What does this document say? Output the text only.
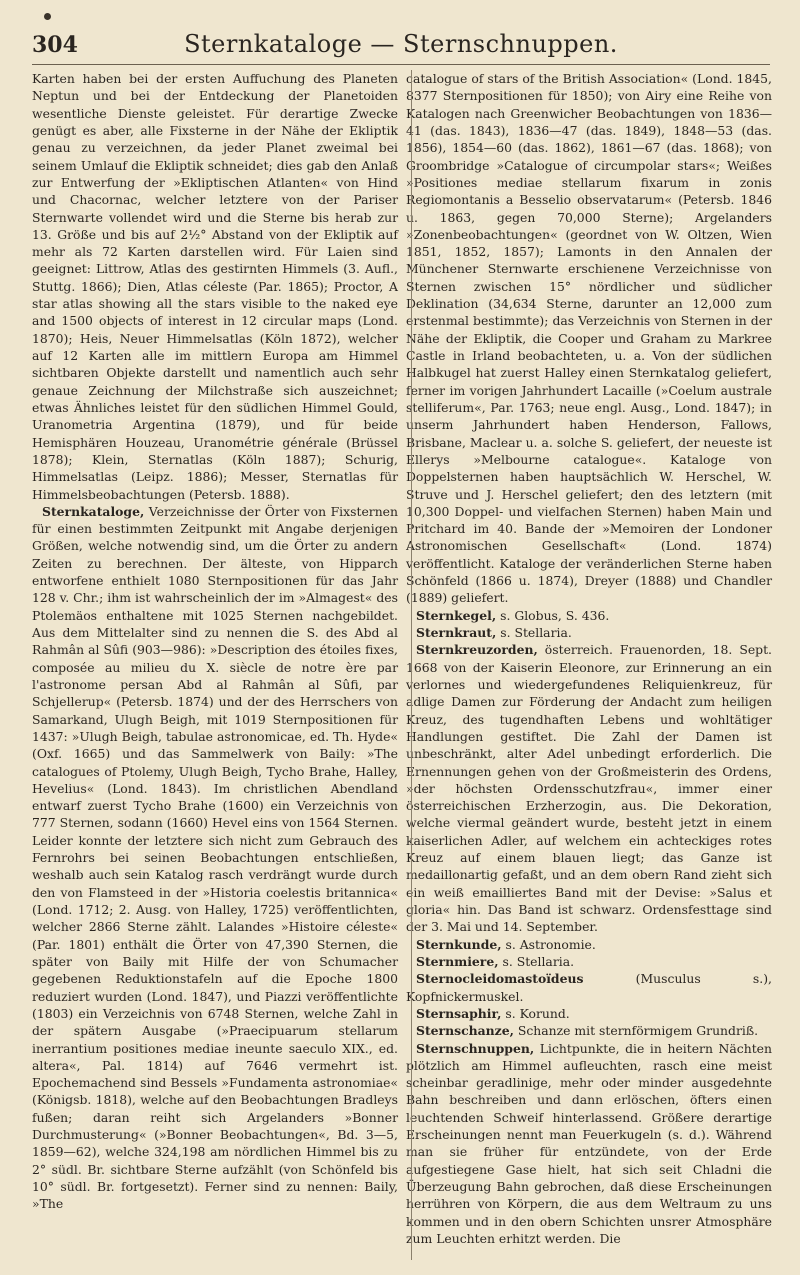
304	Sternkataloge — Sternschnuppen.

Karten haben bei der ersten Auffuchung des Planeten Neptun und bei der Entdeckung der Planetoiden wesentliche Dienste geleistet. Für derartige Zwecke genügt es aber, alle Fixsterne in der Nähe der Ekliptik genau zu verzeichnen, da jeder Planet zweimal bei seinem Umlauf die Ekliptik schneidet; dies gab den Anlaß zur Entwerfung der »Ekliptischen Atlanten« von Hind und Chacornac, welcher letztere von der Pariser Sternwarte vollendet wird und die Sterne bis herab zur 13. Größe und bis auf 2½° Abstand von der Ekliptik auf mehr als 72 Karten darstellen wird. Für Laien sind geeignet: Littrow, Atlas des gestirnten Himmels (3. Aufl., Stuttg. 1866); Dien, Atlas céleste (Par. 1865); Proctor, A star atlas showing all the stars visible to the naked eye and 1500 objects of interest in 12 circular maps (Lond. 1870); Heis, Neuer Himmelsatlas (Köln 1872), welcher auf 12 Karten alle im mittlern Europa am Himmel sichtbaren Objekte darstellt und namentlich auch sehr genaue Zeichnung der Milchstraße sich auszeichnet; etwas Ähnliches leistet für den südlichen Himmel Gould, Uranometria Argentina (1879), und für beide Hemisphären Houzeau, Uranométrie générale (Brüssel 1878); Klein, Sternatlas (Köln 1887); Schurig, Himmelsatlas (Leipz. 1886); Messer, Sternatlas für Himmelsbeobachtungen (Petersb. 1888).

Sternkataloge, Verzeichnisse der Örter von Fixsternen für einen bestimmten Zeitpunkt mit Angabe derjenigen Größen, welche notwendig sind, um die Örter zu andern Zeiten zu berechnen. Der älteste, von Hipparch entworfene enthielt 1080 Sternpositionen für das Jahr 128 v. Chr.; ihm ist wahrscheinlich der im »Almagest« des Ptolemäos enthaltene mit 1025 Sternen nachgebildet. Aus dem Mittelalter sind zu nennen die S. des Abd al Rahmân al Sûfi (903—986): »Description des étoiles fixes, composée au milieu du X. siècle de notre ère par l'astronome persan Abd al Rahmân al Sûfi, par Schjellerup« (Petersb. 1874) und der des Herrschers von Samarkand, Ulugh Beigh, mit 1019 Sternpositionen für 1437: »Ulugh Beigh, tabulae astronomicae, ed. Th. Hyde« (Oxf. 1665) und das Sammelwerk von Baily: »The catalogues of Ptolemy, Ulugh Beigh, Tycho Brahe, Halley, Hevelius« (Lond. 1843). Im christlichen Abendland entwarf zuerst Tycho Brahe (1600) ein Verzeichnis von 777 Sternen, sodann (1660) Hevel eins von 1564 Sternen. Leider konnte der letztere sich nicht zum Gebrauch des Fernrohrs bei seinen Beobachtungen entschließen, weshalb auch sein Katalog rasch verdrängt wurde durch den von Flamsteed in der »Historia coelestis britannica« (Lond. 1712; 2. Ausg. von Halley, 1725) veröffentlichten, welcher 2866 Sterne zählt. Lalandes »Histoire céleste« (Par. 1801) enthält die Örter von 47,390 Sternen, die später von Baily mit Hilfe der von Schumacher gegebenen Reduktionstafeln auf die Epoche 1800 reduziert wurden (Lond. 1847), und Piazzi veröffentlichte (1803) ein Verzeichnis von 6748 Sternen, welche Zahl in der spätern Ausgabe (»Praecipuarum stellarum inerrantium positiones mediae ineunte saeculo XIX., ed. altera«, Pal. 1814) auf 7646 vermehrt ist. Epochemachend sind Bessels »Fundamenta astronomiae« (Königsb. 1818), welche auf den Beobachtungen Bradleys fußen; daran reiht sich Argelanders »Bonner Durchmusterung« (»Bonner Beobachtungen«, Bd. 3—5, 1859—62), welche 324,198 am nördlichen Himmel bis zu 2° südl. Br. sichtbare Sterne aufzählt (von Schönfeld bis 10° südl. Br. fortgesetzt). Ferner sind zu nennen: Baily, »The

catalogue of stars of the British Association« (Lond. 1845, 8377 Sternpositionen für 1850); von Airy eine Reihe von Katalogen nach Greenwicher Beobachtungen von 1836—41 (das. 1843), 1836—47 (das. 1849), 1848—53 (das. 1856), 1854—60 (das. 1862), 1861—67 (das. 1868); von Groombridge »Catalogue of circumpolar stars«; Weißes »Positiones mediae stellarum fixarum in zonis Regiomontanis a Besselio observatarum« (Petersb. 1846 u. 1863, gegen 70,000 Sterne); Argelanders »Zonenbeobachtungen« (geordnet von W. Oltzen, Wien 1851, 1852, 1857); Lamonts in den Annalen der Münchener Sternwarte erschienene Verzeichnisse von Sternen zwischen 15° nördlicher und südlicher Deklination (34,634 Sterne, darunter an 12,000 zum erstenmal bestimmte); das Verzeichnis von Sternen in der Nähe der Ekliptik, die Cooper und Graham zu Markree Castle in Irland beobachteten, u. a. Von der südlichen Halbkugel hat zuerst Halley einen Sternkatalog geliefert, ferner im vorigen Jahrhundert Lacaille (»Coelum australe stelliferum«, Par. 1763; neue engl. Ausg., Lond. 1847); in unserm Jahrhundert haben Henderson, Fallows, Brisbane, Maclear u. a. solche S. geliefert, der neueste ist Ellerys »Melbourne catalogue«. Kataloge von Doppelsternen haben hauptsächlich W. Herschel, W. Struve und J. Herschel geliefert; den des letztern (mit 10,300 Doppel- und vielfachen Sternen) haben Main und Pritchard im 40. Bande der »Memoiren der Londoner Astronomischen Gesellschaft« (Lond. 1874) veröffentlicht. Kataloge der veränderlichen Sterne haben Schönfeld (1866 u. 1874), Dreyer (1888) und Chandler (1889) geliefert.

Sternkegel, s. Globus, S. 436.

Sternkraut, s. Stellaria.

Sternkreuzorden, österreich. Frauenorden, 18. Sept. 1668 von der Kaiserin Eleonore, zur Erinnerung an ein verlornes und wiedergefundenes Reliquienkreuz, für adlige Damen zur Förderung der Andacht zum heiligen Kreuz, des tugendhaften Lebens und wohltätiger Handlungen gestiftet. Die Zahl der Damen ist unbeschränkt, alter Adel unbedingt erforderlich. Die Ernennungen gehen von der Großmeisterin des Ordens, »der höchsten Ordensschutzfrau«, immer einer österreichischen Erzherzogin, aus. Die Dekoration, welche viermal geändert wurde, besteht jetzt in einem kaiserlichen Adler, auf welchem ein achteckiges rotes Kreuz auf einem blauen liegt; das Ganze ist medaillonartig gefaßt, und an dem obern Rand zieht sich ein weiß emailliertes Band mit der Devise: »Salus et gloria« hin. Das Band ist schwarz. Ordensfesttage sind der 3. Mai und 14. September.

Sternkunde, s. Astronomie.

Sternmiere, s. Stellaria.

Sternocleidomastoïdeus (Musculus s.), Kopfnickermuskel.

Sternsaphir, s. Korund.

Sternschanze, Schanze mit sternförmigem Grundriß.

Sternschnuppen, Lichtpunkte, die in heitern Nächten plötzlich am Himmel aufleuchten, rasch eine meist scheinbar geradlinige, mehr oder minder ausgedehnte Bahn beschreiben und dann erlöschen, öfters einen leuchtenden Schweif hinterlassend. Größere derartige Erscheinungen nennt man Feuerkugeln (s. d.). Während man sie früher für entzündete, von der Erde aufgestiegene Gase hielt, hat sich seit Chladni die Überzeugung Bahn gebrochen, daß diese Erscheinungen herrühren von Körpern, die aus dem Weltraum zu uns kommen und in den obern Schichten unsrer Atmosphäre zum Leuchten erhitzt werden. Die
